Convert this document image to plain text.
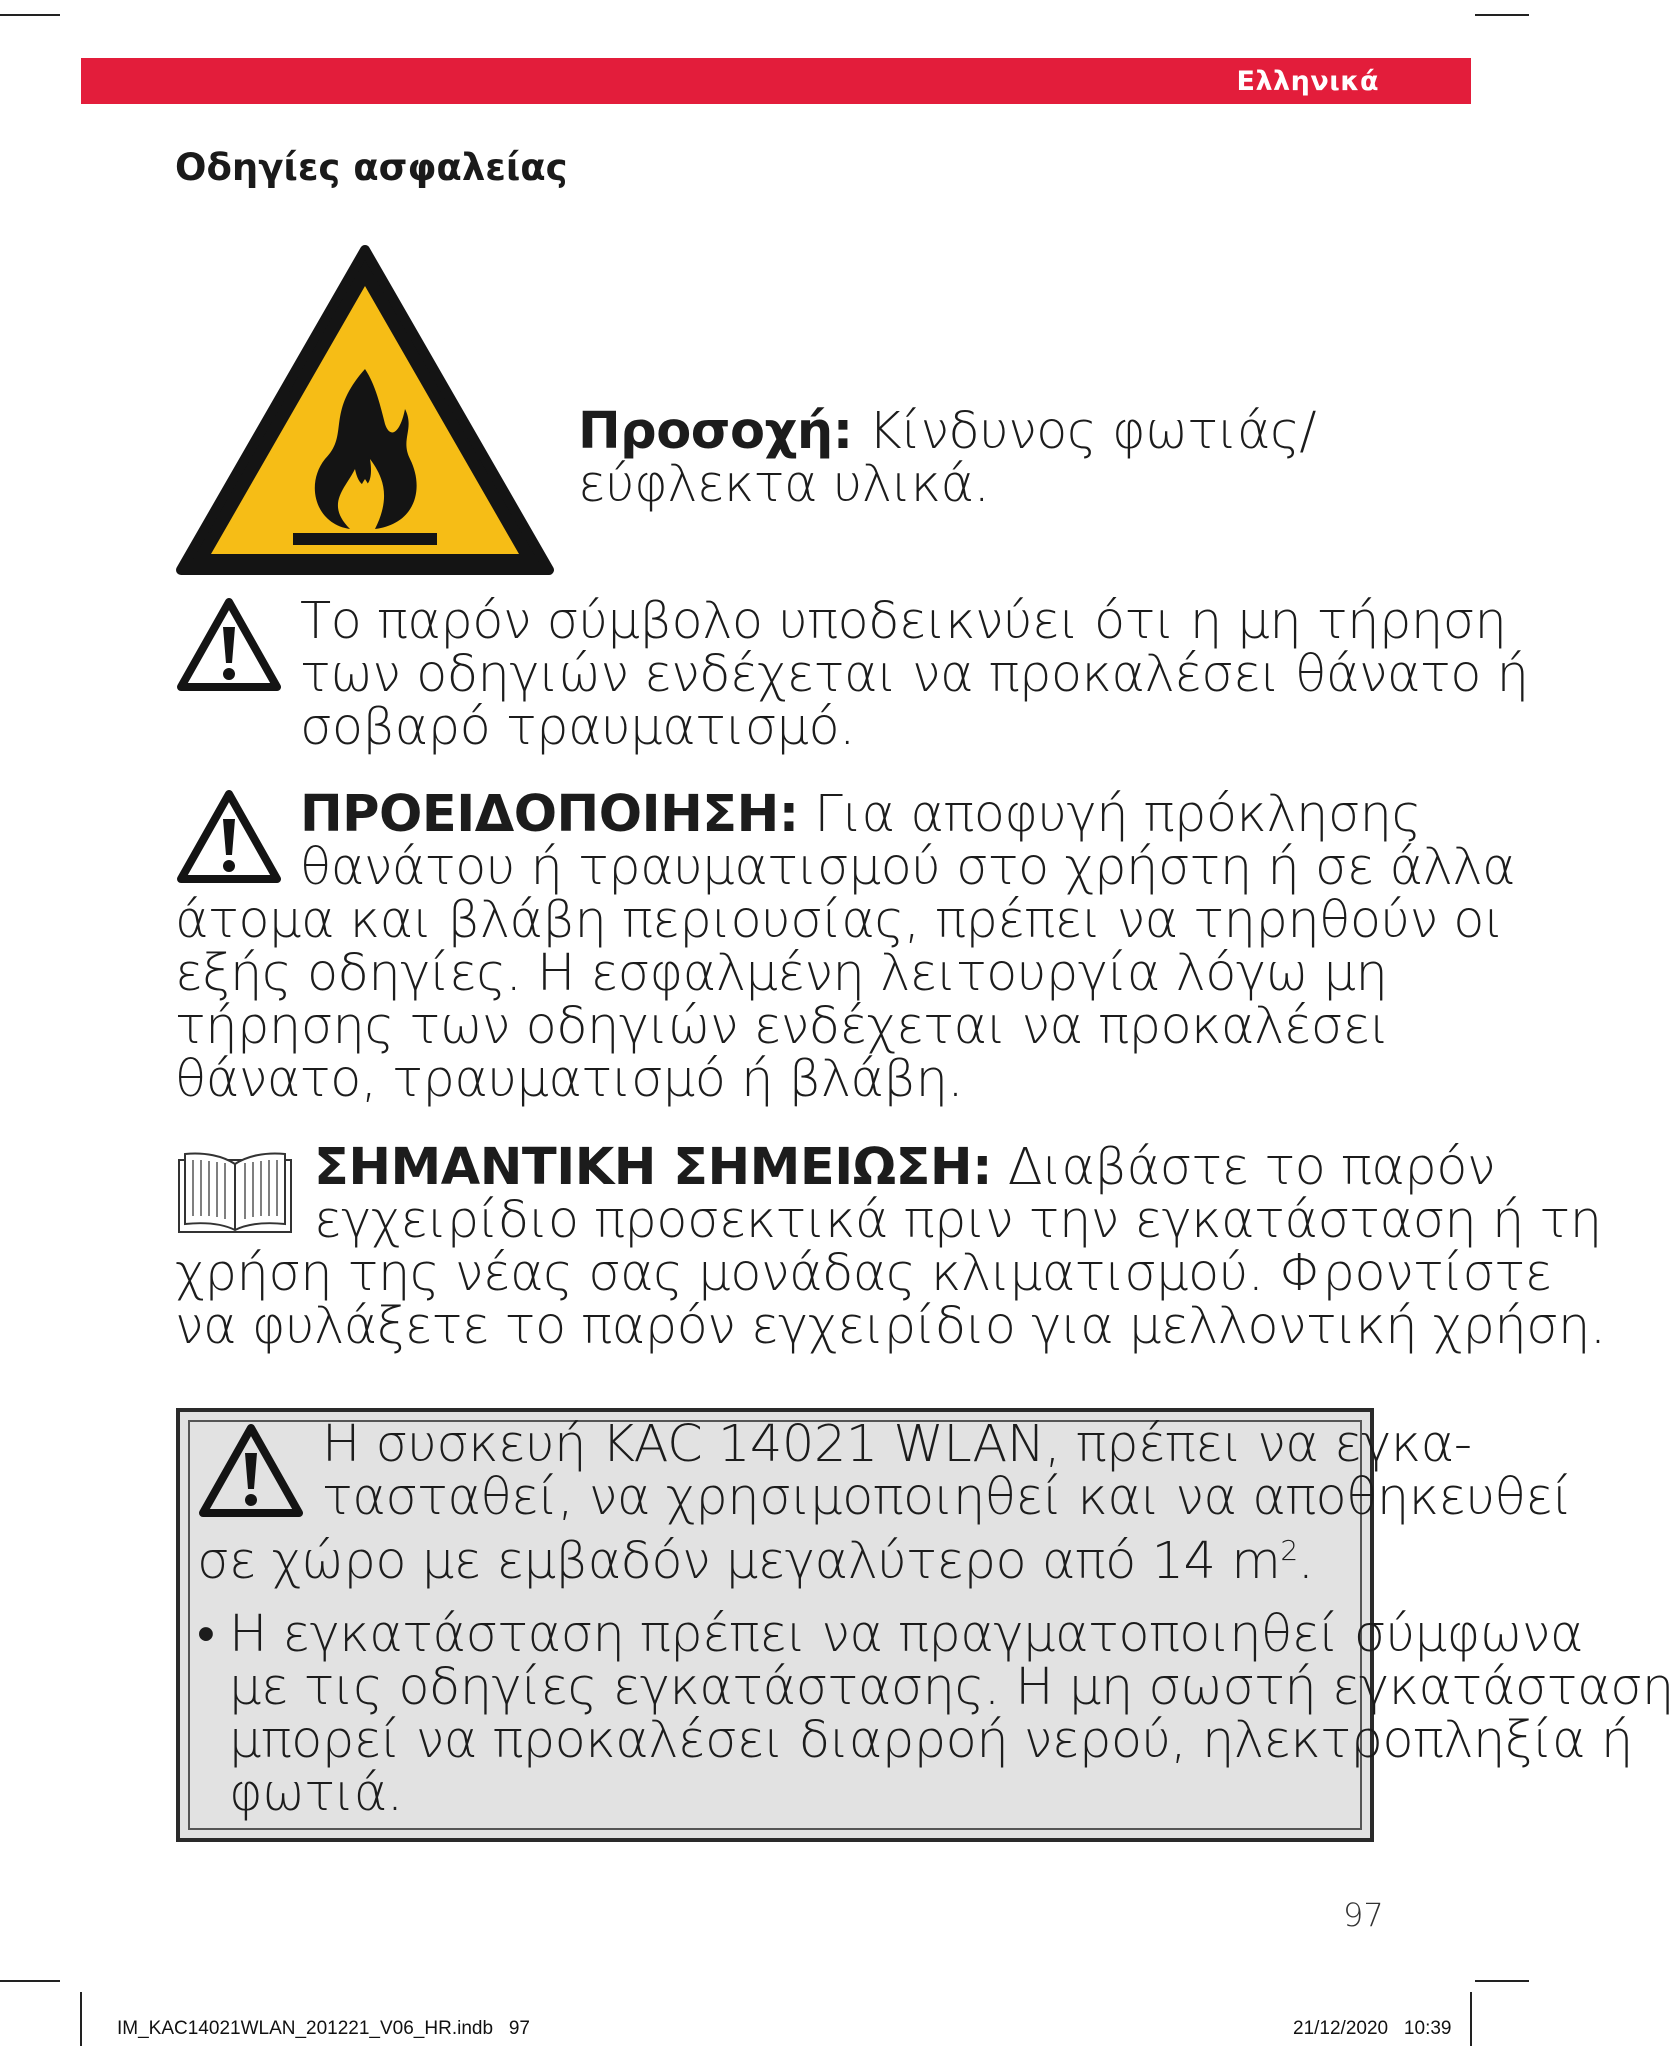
Ελληνικά
Οδηγίες ασφαλείας
Προσοχή: Κίνδυνος φωτιάς/
εύφλεκτα υλικά.
Το παρόν σύμβολο υποδεικνύει ότι η μη τήρηση
των οδηγιών ενδέχεται να προκαλέσει θάνατο ή
σοβαρό τραυματισμό.
ΠΡΟΕΙΔΟΠΟΙΗΣΗ: Για αποφυγή πρόκλησης
θανάτου ή τραυματισμού στο χρήστη ή σε άλλα
άτομα και βλάβη περιουσίας, πρέπει να τηρηθούν οι
εξής οδηγίες. Η εσφαλμένη λειτουργία λόγω μη
τήρησης των οδηγιών ενδέχεται να προκαλέσει
θάνατο, τραυματισμό ή βλάβη.
ΣΗΜΑΝΤΙΚΗ ΣΗΜΕΙΩΣΗ: Διαβάστε το παρόν
εγχειρίδιο προσεκτικά πριν την εγκατάσταση ή τη
χρήση της νέας σας μονάδας κλιματισμού. Φροντίστε
να φυλάξετε το παρόν εγχειρίδιο για μελλοντική χρήση.
Η συσκευή KAC 14021 WLAN, πρέπει να εγκα-
τασταθεί, να χρησιμοποιηθεί και να αποθηκευθεί
σε χώρο με εμβαδόν μεγαλύτερο από 14 $m^2$.
• Η εγκατάσταση πρέπει να πραγματοποιηθεί σύμφωνα
με τις οδηγίες εγκατάστασης. Η μη σωστή εγκατάσταση
μπορεί να προκαλέσει διαρροή νερού, ηλεκτροπληξία ή
φωτιά.
97
IM_KAC14021WLAN_201221_V06_HR.indb   97	21/12/2020   10:39
